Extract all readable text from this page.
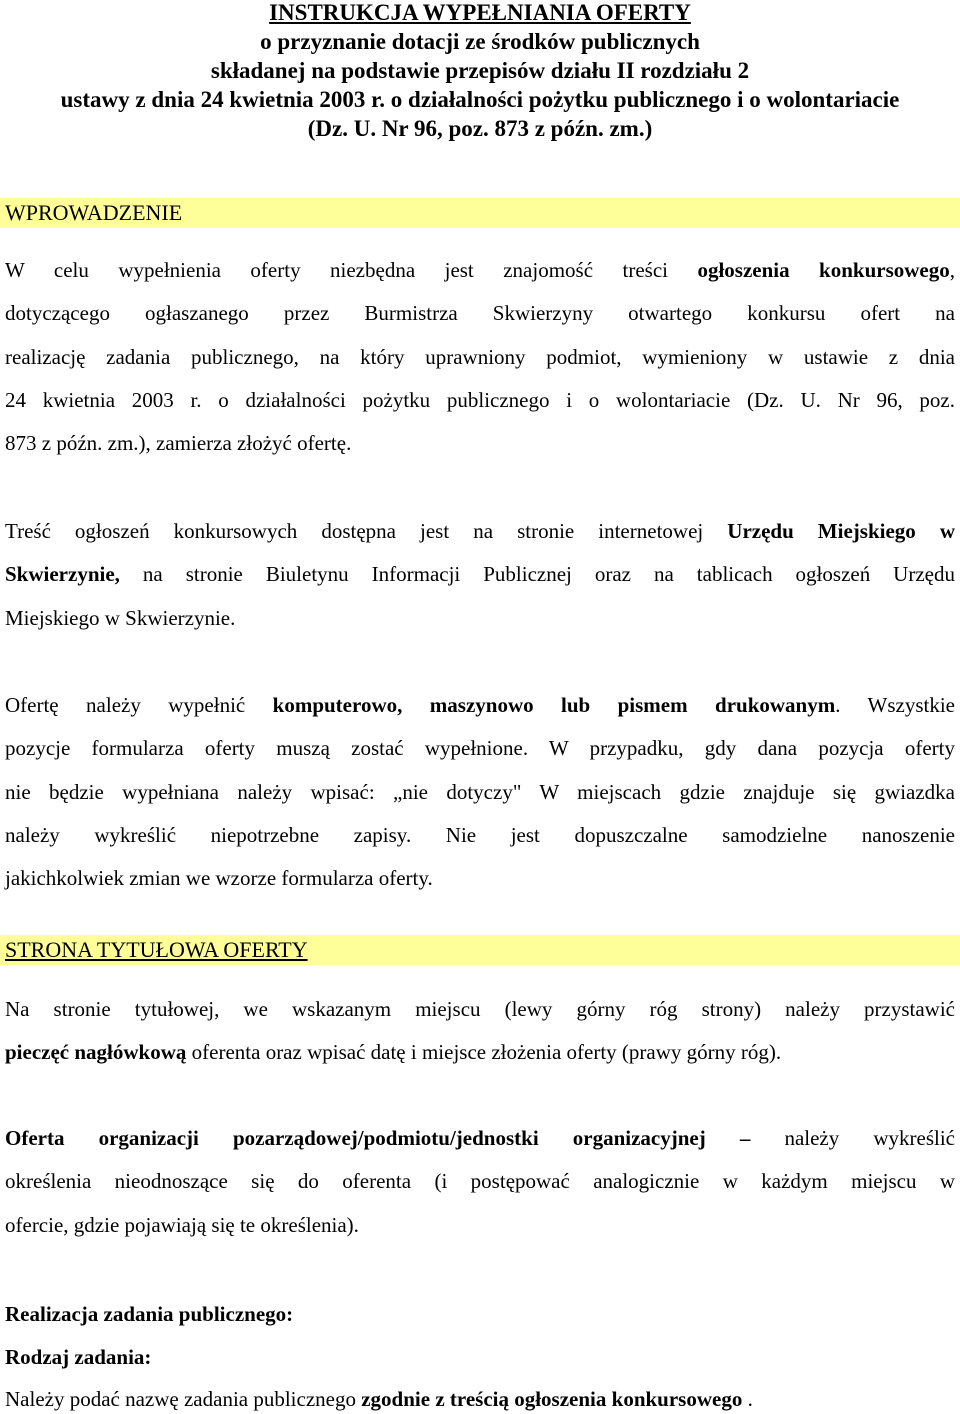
INSTRUKCJA WYPEŁNIANIA OFERTY
o przyznanie dotacji ze środków publicznych
składanej na podstawie przepisów działu II rozdziału 2
ustawy z dnia 24 kwietnia 2003 r. o działalności pożytku publicznego i o wolontariacie
(Dz. U. Nr 96, poz. 873 z późn. zm.)
WPROWADZENIE
W celu wypełnienia oferty niezbędna jest znajomość treści ogłoszenia konkursowego,
dotyczącego ogłaszanego przez Burmistrza Skwierzyny otwartego konkursu ofert na
realizację zadania publicznego, na który uprawniony podmiot, wymieniony w ustawie z dnia
24 kwietnia 2003 r. o działalności pożytku publicznego i o wolontariacie (Dz. U. Nr 96, poz.
873 z późn. zm.), zamierza złożyć ofertę.
Treść ogłoszeń konkursowych dostępna jest na stronie internetowej Urzędu Miejskiego w
Skwierzynie, na stronie Biuletynu Informacji Publicznej oraz na tablicach ogłoszeń Urzędu
Miejskiego w Skwierzynie.
Ofertę należy wypełnić komputerowo, maszynowo lub pismem drukowanym. Wszystkie
pozycje formularza oferty muszą zostać wypełnione. W przypadku, gdy dana pozycja oferty
nie będzie wypełniana należy wpisać: „nie dotyczy" W miejscach gdzie znajduje się gwiazdka
należy wykreślić niepotrzebne zapisy. Nie jest dopuszczalne samodzielne nanoszenie
jakichkolwiek zmian we wzorze formularza oferty.
STRONA TYTUŁOWA OFERTY
Na stronie tytułowej, we wskazanym miejscu (lewy górny róg strony) należy przystawić
pieczęć nagłówkową oferenta oraz wpisać datę i miejsce złożenia oferty (prawy górny róg).
Oferta organizacji pozarządowej/podmiotu/jednostki organizacyjnej – należy wykreślić
określenia nieodnoszące się do oferenta (i postępować analogicznie w każdym miejscu w
ofercie, gdzie pojawiają się te określenia).
Realizacja zadania publicznego:
Rodzaj zadania:
Należy podać nazwę zadania publicznego zgodnie z treścią ogłoszenia konkursowego .
